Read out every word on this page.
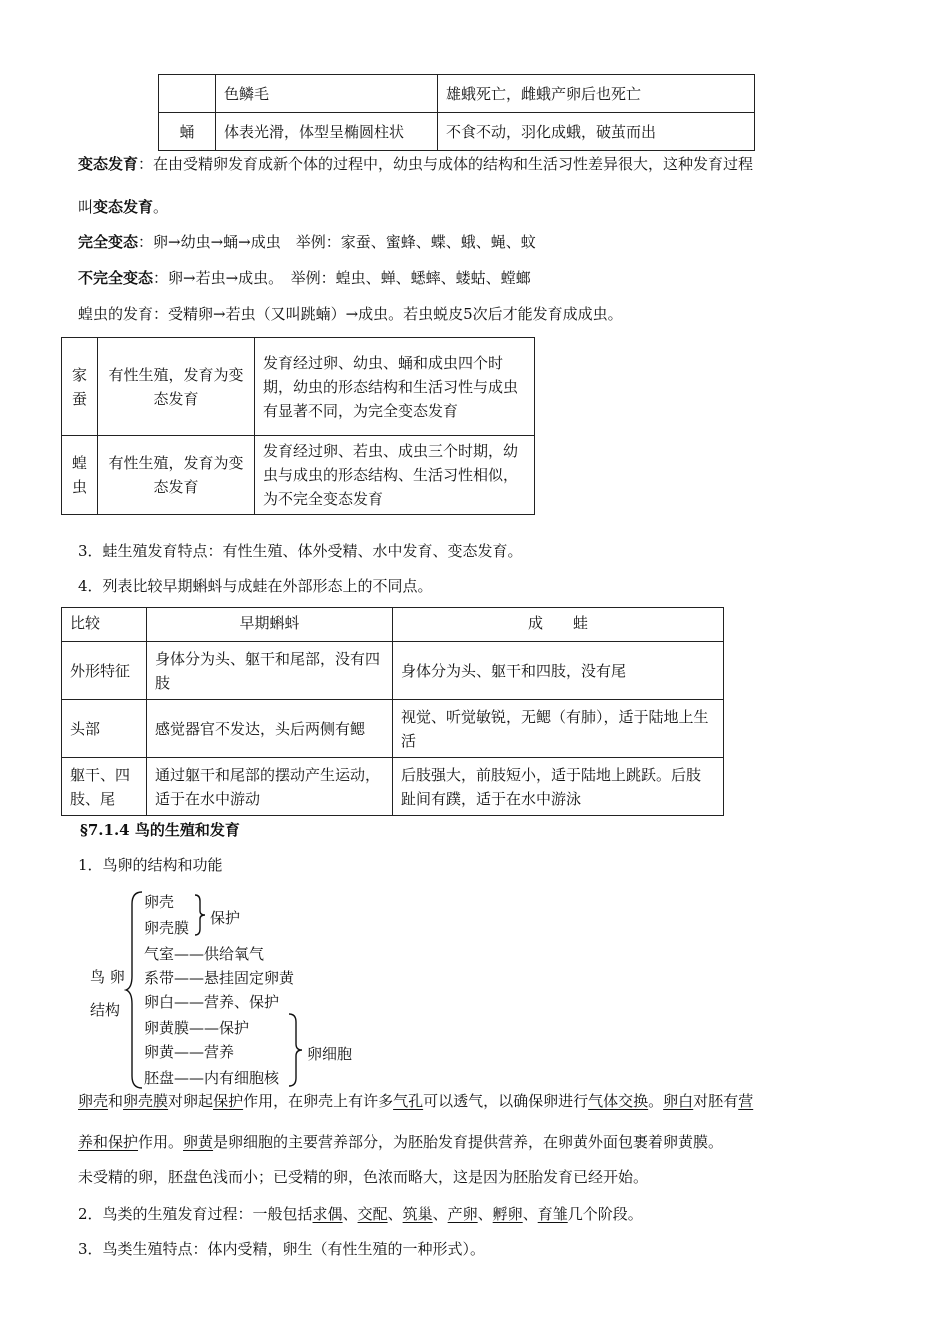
	色鳞毛	雄蛾死亡，雌蛾产卵后也死亡
蛹	体表光滑，体型呈椭圆柱状	不食不动，羽化成蛾，破茧而出
变态发育：在由受精卵发育成新个体的过程中，幼虫与成体的结构和生活习性差异很大，这种发育过程
叫变态发育。
完全变态：卵→幼虫→蛹→成虫　举例：家蚕、蜜蜂、蝶、蛾、蝇、蚊
不完全变态：卵→若虫→成虫。　举例：蝗虫、蝉、蟋蟀、蝼蛄、螳螂
蝗虫的发育：受精卵→若虫（又叫跳蝻）→成虫。若虫蜕皮5次后才能发育成成虫。
家蚕	有性生殖，发育为变态发育	发育经过卵、幼虫、蛹和成虫四个时期，幼虫的形态结构和生活习性与成虫有显著不同，为完全变态发育
蝗虫	有性生殖，发育为变态发育	发育经过卵、若虫、成虫三个时期，幼虫与成虫的形态结构、生活习性相似，为不完全变态发育
3．蛙生殖发育特点：有性生殖、体外受精、水中发育、变态发育。
4．列表比较早期蝌蚪与成蛙在外部形态上的不同点。
比较	早期蝌蚪	成　　蛙
外形特征	身体分为头、躯干和尾部，没有四肢	身体分为头、躯干和四肢，没有尾
头部	感觉器官不发达，头后两侧有鳃	视觉、听觉敏锐，无鳃（有肺），适于陆地上生活
躯干、四肢、尾	通过躯干和尾部的摆动产生运动，适于在水中游动	后肢强大，前肢短小，适于陆地上跳跃。后肢趾间有蹼，适于在水中游泳
§7.1.4 鸟的生殖和发育
1．鸟卵的结构和功能
鸟 卵
结构
卵壳
卵壳膜
保护
气室——供给氧气
系带——悬挂固定卵黄
卵白——营养、保护
卵黄膜——保护
卵黄——营养
胚盘——内有细胞核
卵细胞
卵壳和卵壳膜对卵起保护作用，在卵壳上有许多气孔可以透气，以确保卵进行气体交换。卵白对胚有营
养和保护作用。卵黄是卵细胞的主要营养部分，为胚胎发育提供营养，在卵黄外面包裹着卵黄膜。
未受精的卵，胚盘色浅而小；已受精的卵，色浓而略大，这是因为胚胎发育已经开始。
2．鸟类的生殖发育过程：一般包括求偶、交配、筑巢、产卵、孵卵、育雏几个阶段。
3．鸟类生殖特点：体内受精，卵生（有性生殖的一种形式）。
